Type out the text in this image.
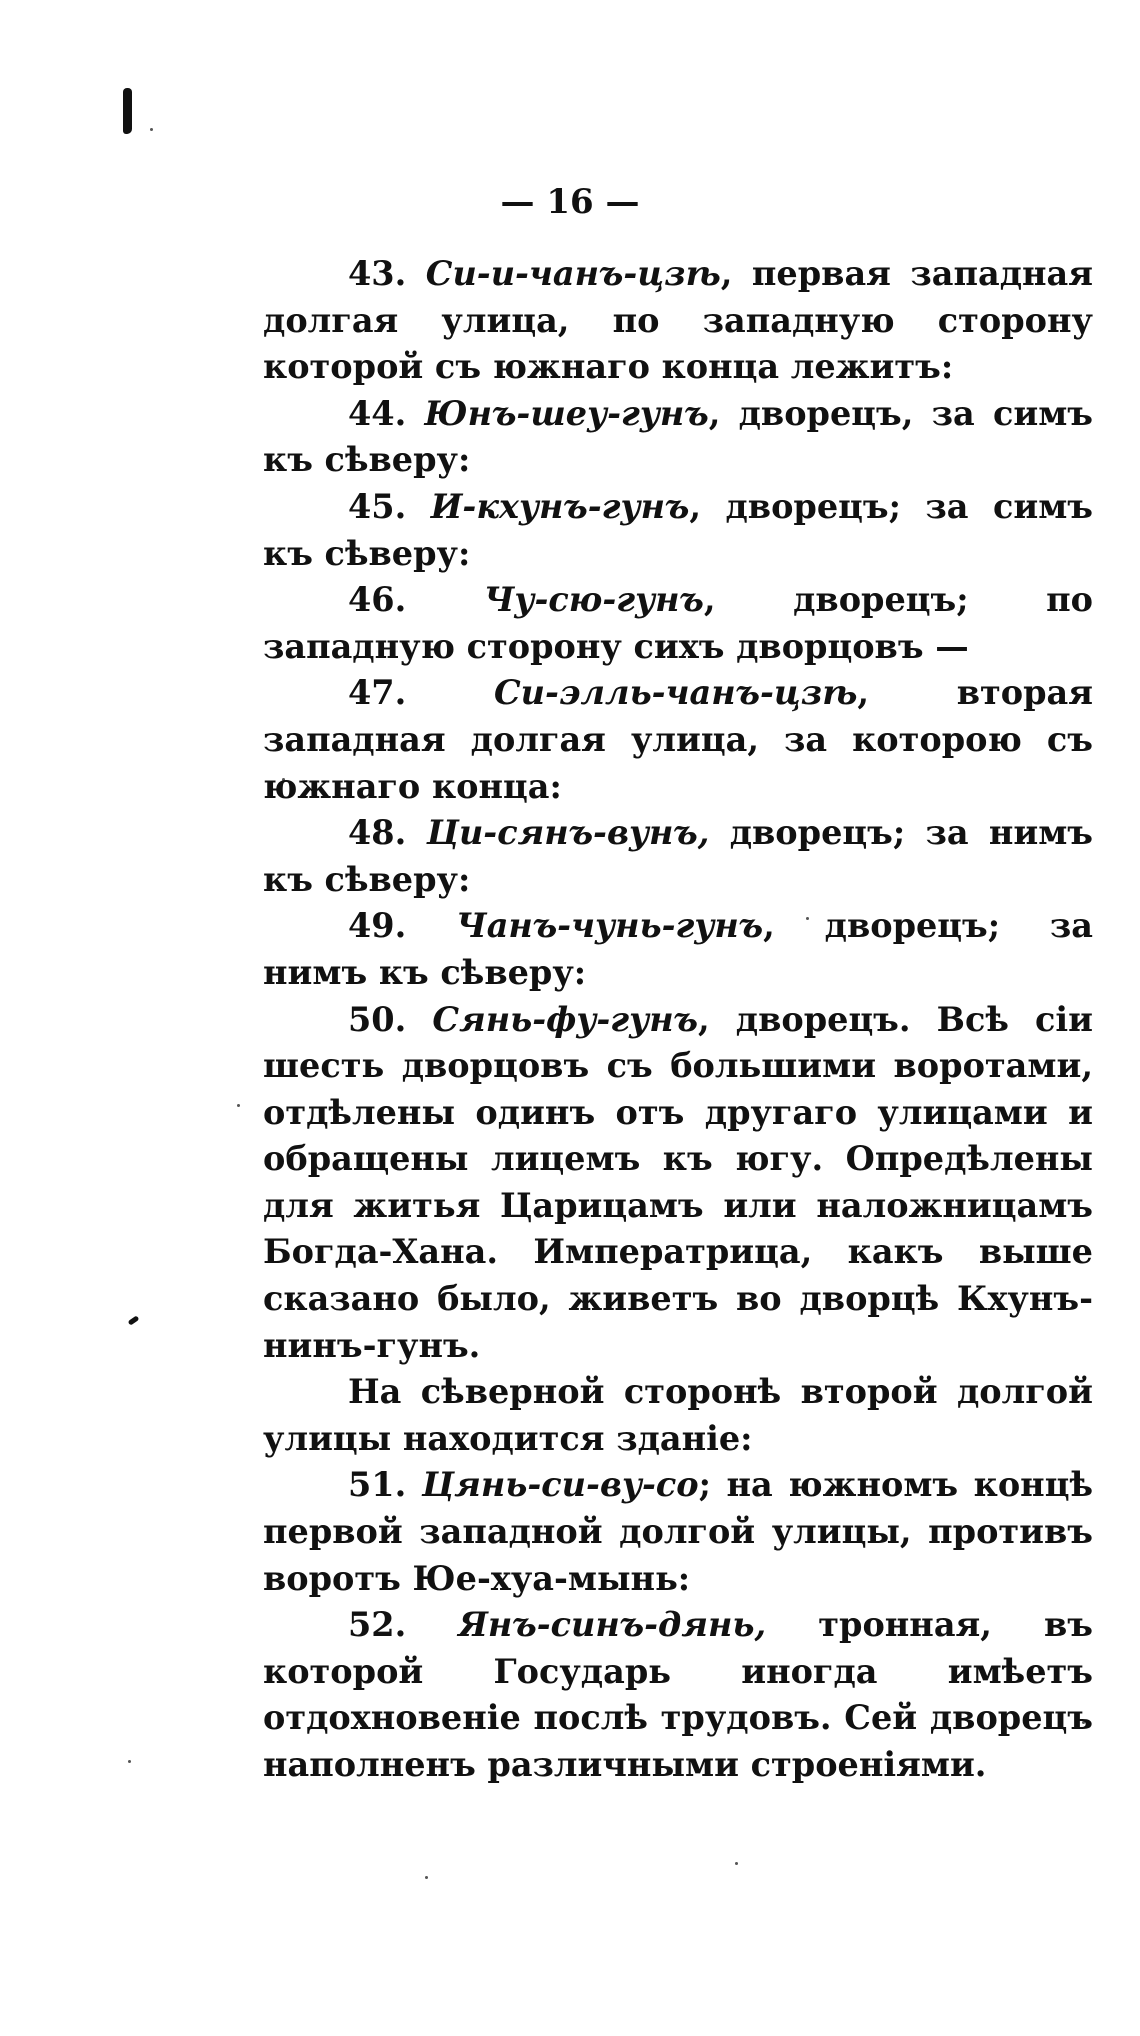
— 16 —

43. Си-и-чанъ-цзѣ, первая западная долгая улица, по западную сторону которой съ южнаго конца лежитъ:

44. Юнъ-шеу-гунъ, дворецъ, за симъ къ сѣверу:

45. И-кхунъ-гунъ, дворецъ; за симъ къ сѣверу:

46. Чу-сю-гунъ, дворецъ; по западную сторону сихъ дворцовъ —

47.	Си-элль-чанъ-цзѣ, вторая западная долгая улица, за которою съ южнаго конца:

48. Ци-сянъ-вунъ, дворецъ; за нимъ къ сѣверу:

49. Чанъ-чунь-гунъ, дворецъ; за нимъ къ сѣверу:

50. Сянь-фу-гунъ, дворецъ. Всѣ сіи шесть дворцовъ съ большими воротами, отдѣлены одинъ отъ другаго улицами и обращены лицемъ къ югу. Опредѣлены для житья Царицамъ или наложницамъ Богда-Хана. Императрица, какъ выше сказано было, живетъ во дворцѣ Кхунъ-нинъ-гунъ.

На сѣверной сторонѣ второй долгой улицы находится зданіе:

51. Цянь-си-ву-со; на южномъ концѣ первой западной долгой улицы, противъ воротъ Юе-хуа-мынь:

52. Янъ-синъ-дянь, тронная, въ которой Государь иногда имѣетъ отдохновеніе послѣ трудовъ. Сей дворецъ наполненъ различными строеніями.
